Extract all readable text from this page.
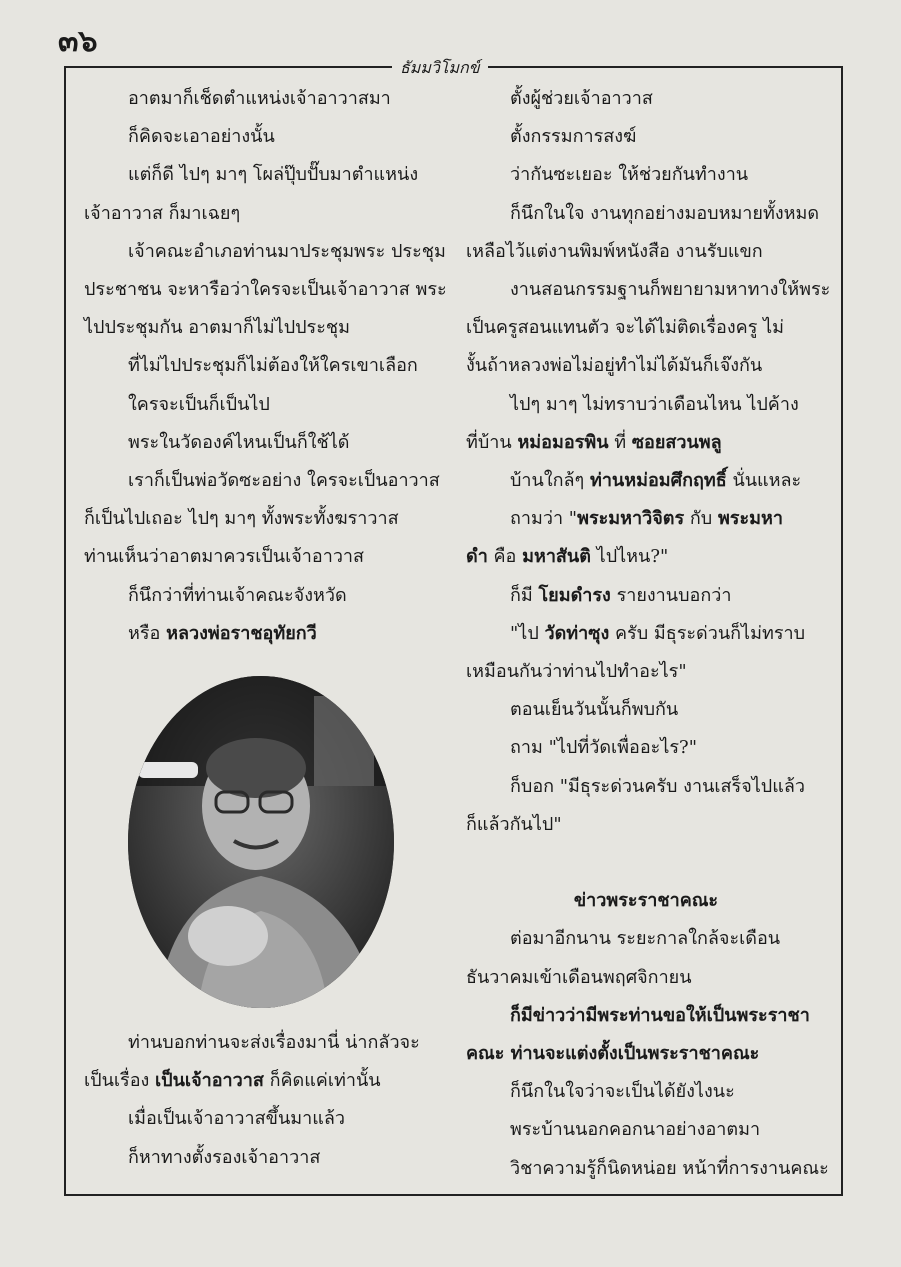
๓๖
ธัมมวิโมกข์

อาตมาก็เช็ดตำแหน่งเจ้าอาวาสมา

ก็คิดจะเอาอย่างนั้น

แต่ก็ดี ไปๆ มาๆ โผล่ปุ๊บปั๊บมาตำแหน่ง

เจ้าอาวาส ก็มาเฉยๆ

เจ้าคณะอำเภอท่านมาประชุมพระ ประชุม

ประชาชน จะหารือว่าใครจะเป็นเจ้าอาวาส พระ

ไปประชุมกัน อาตมาก็ไม่ไปประชุม

ที่ไม่ไปประชุมก็ไม่ต้องให้ใครเขาเลือก

ใครจะเป็นก็เป็นไป

พระในวัดองค์ไหนเป็นก็ใช้ได้

เราก็เป็นพ่อวัดซะอย่าง ใครจะเป็นอาวาส

ก็เป็นไปเถอะ ไปๆ มาๆ ทั้งพระทั้งฆราวาส

ท่านเห็นว่าอาตมาควรเป็นเจ้าอาวาส

ก็นึกว่าที่ท่านเจ้าคณะจังหวัด

หรือ หลวงพ่อราชอุทัยกวี

ท่านบอกท่านจะส่งเรื่องมานี่ น่ากลัวจะ

เป็นเรื่อง เป็นเจ้าอาวาส ก็คิดแค่เท่านั้น

เมื่อเป็นเจ้าอาวาสขึ้นมาแล้ว

ก็หาทางตั้งรองเจ้าอาวาส

ตั้งผู้ช่วยเจ้าอาวาส

ตั้งกรรมการสงฆ์

ว่ากันซะเยอะ ให้ช่วยกันทำงาน

ก็นึกในใจ งานทุกอย่างมอบหมายทั้งหมด

เหลือไว้แต่งานพิมพ์หนังสือ งานรับแขก

งานสอนกรรมฐานก็พยายามหาทางให้พระ

เป็นครูสอนแทนตัว จะได้ไม่ติดเรื่องครู ไม่

งั้นถ้าหลวงพ่อไม่อยู่ทำไม่ได้มันก็เจ๊งกัน

ไปๆ มาๆ ไม่ทราบว่าเดือนไหน ไปค้าง

ที่บ้าน หม่อมอรพิน ที่ ซอยสวนพลู

บ้านใกล้ๆ ท่านหม่อมศึกฤทธิ์ นั่นแหละ

ถามว่า "พระมหาวิจิตร กับ พระมหา

ดำ คือ มหาสันติ ไปไหน?"

ก็มี โยมดำรง รายงานบอกว่า

"ไป วัดท่าซุง ครับ มีธุระด่วนก็ไม่ทราบ

เหมือนกันว่าท่านไปทำอะไร"

ตอนเย็นวันนั้นก็พบกัน

ถาม "ไปที่วัดเพื่ออะไร?"

ก็บอก "มีธุระด่วนครับ งานเสร็จไปแล้ว

ก็แล้วกันไป"

ข่าวพระราชาคณะ

ต่อมาอีกนาน ระยะกาลใกล้จะเดือน

ธันวาคมเข้าเดือนพฤศจิกายน

ก็มีข่าวว่ามีพระท่านขอให้เป็นพระราชา

คณะ ท่านจะแต่งตั้งเป็นพระราชาคณะ

ก็นึกในใจว่าจะเป็นได้ยังไงนะ

พระบ้านนอกคอกนาอย่างอาตมา

วิชาความรู้ก็นิดหน่อย หน้าที่การงานคณะ
